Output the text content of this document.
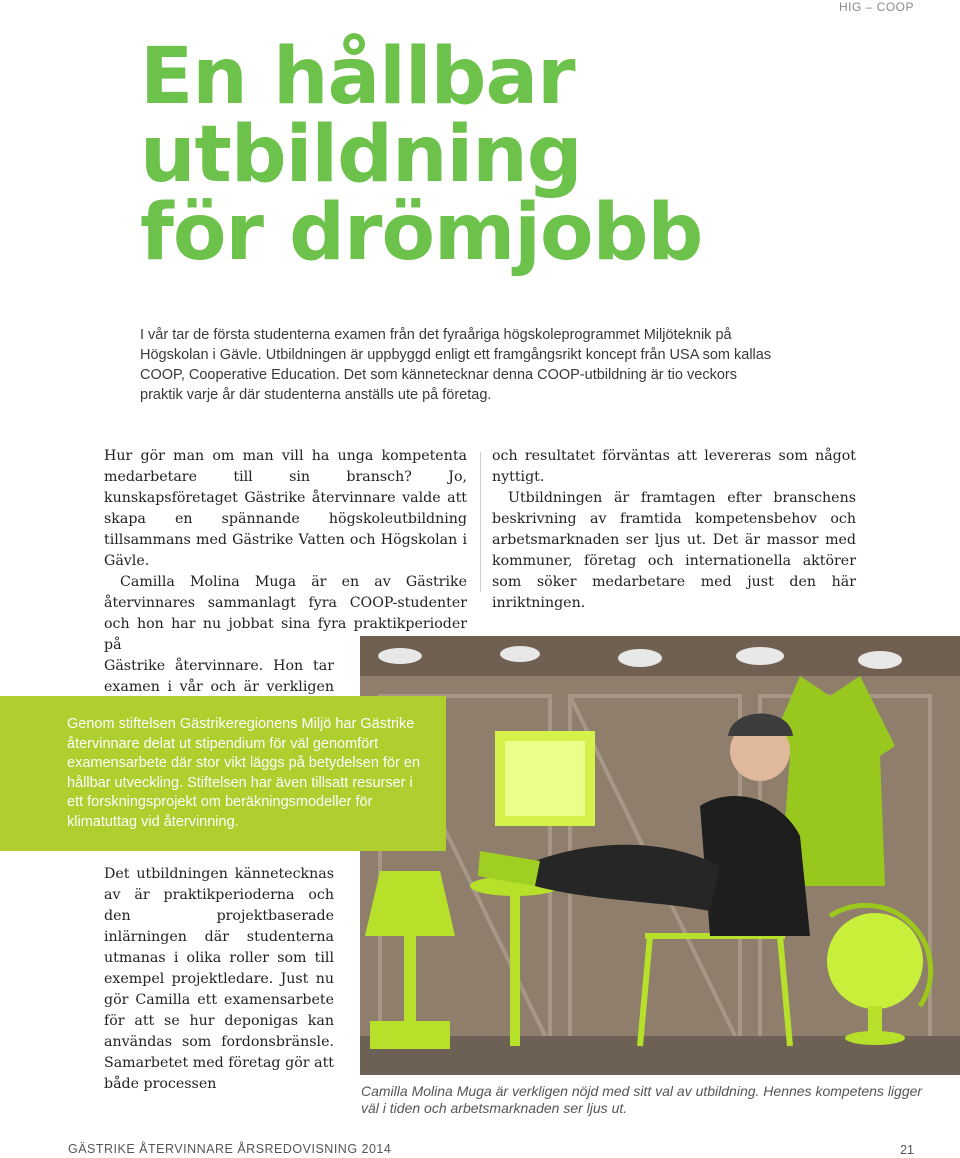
HIG – COOP
En hållbar
utbildning
för drömjobb

I vår tar de första studenterna examen från det fyraåriga högskoleprogrammet Miljöteknik på Högskolan i Gävle. Utbildningen är uppbyggd enligt ett framgångsrikt koncept från USA som kallas COOP, Cooperative Education. Det som kännetecknar denna COOP-utbildning är tio veckors praktik varje år där studenterna anställs ute på företag.

Hur gör man om man vill ha unga kompetenta medarbetare till sin bransch? Jo, kunskapsföretaget Gästrike återvinnare valde att skapa en spännande högskoleutbildning tillsammans med Gästrike Vatten och Högskolan i Gävle.

Camilla Molina Muga är en av Gästrike återvinnares sammanlagt fyra COOP-studenter och hon har nu jobbat sina fyra praktikperioder på

Gästrike återvinnare. Hon tar examen i vår och är verkligen

och resultatet förväntas att levereras som något nyttigt.

Utbildningen är framtagen efter branschens beskrivning av framtida kompetensbehov och arbetsmarknaden ser ljus ut. Det är massor med kommuner, företag och internationella aktörer som söker medarbetare med just den här inriktningen.

Genom stiftelsen Gästrikeregionens Miljö har Gästrike återvinnare delat ut stipendium för väl genomfört examensarbete där stor vikt läggs på betydelsen för en hållbar utveckling. Stiftelsen har även tillsatt resurser i ett forskningsprojekt om beräkningsmodeller för klimatuttag vid återvinning.

Det utbildningen kännetecknas av är praktikperioderna och den projektbaserade inlärningen där studenterna utmanas i olika roller som till exempel projektledare. Just nu gör Camilla ett examensarbete för att se hur deponigas kan användas som fordonsbränsle. Samarbetet med företag gör att både processen	Camilla Molina Muga är verkligen nöjd med sitt val av utbildning. Hennes kompetens ligger väl i tiden och arbetsmarknaden ser ljus ut.

GÄSTRIKE ÅTERVINNARE ÅRSREDOVISNING 2014	21
